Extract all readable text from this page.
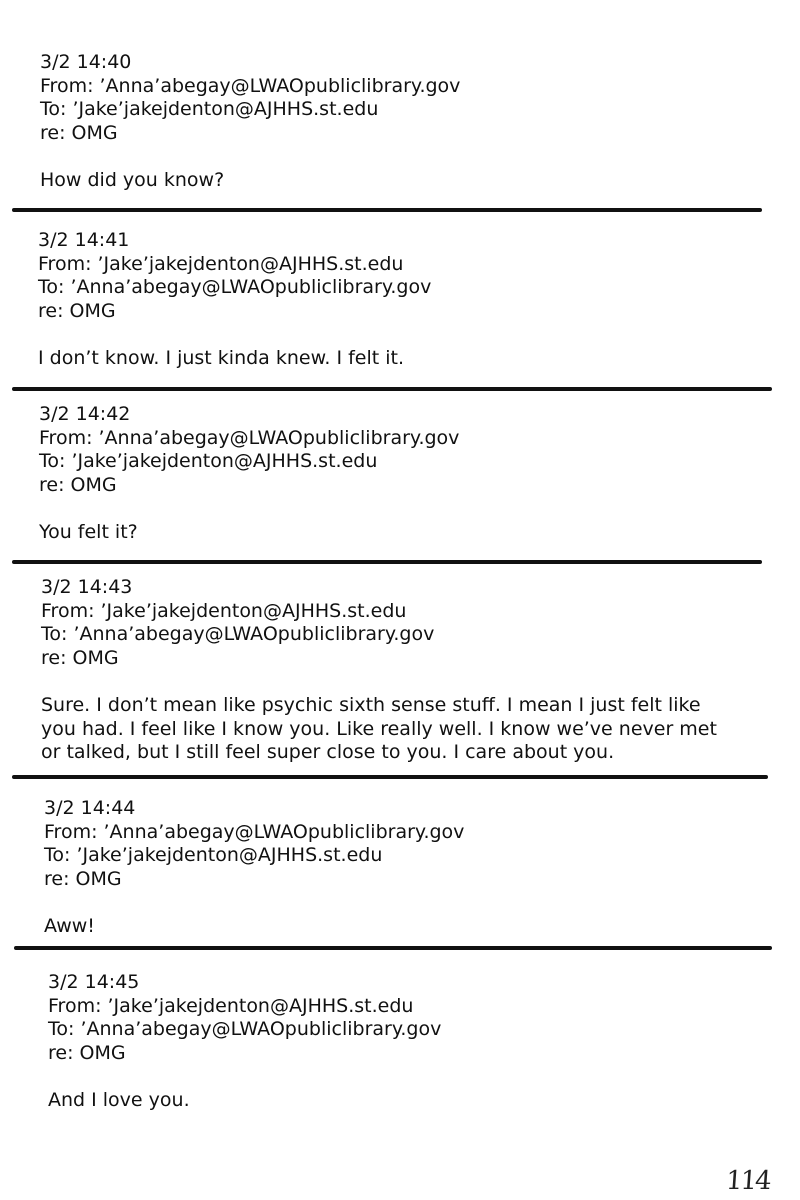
3/2 14:40
From: ’Anna’abegay@LWAOpubliclibrary.gov
To: ’Jake’jakejdenton@AJHHS.st.edu
re: OMG
How did you know?
3/2 14:41
From: ’Jake’jakejdenton@AJHHS.st.edu
To: ’Anna’abegay@LWAOpubliclibrary.gov
re: OMG
I don’t know. I just kinda knew. I felt it.
3/2 14:42
From: ’Anna’abegay@LWAOpubliclibrary.gov
To: ’Jake’jakejdenton@AJHHS.st.edu
re: OMG
You felt it?
3/2 14:43
From: ’Jake’jakejdenton@AJHHS.st.edu
To: ’Anna’abegay@LWAOpubliclibrary.gov
re: OMG
Sure. I don’t mean like psychic sixth sense stuff. I mean I just felt like you had. I feel like I know you. Like really well. I know we’ve never met or talked, but I still feel super close to you. I care about you.
3/2 14:44
From: ’Anna’abegay@LWAOpubliclibrary.gov
To: ’Jake’jakejdenton@AJHHS.st.edu
re: OMG
Aww!
3/2 14:45
From: ’Jake’jakejdenton@AJHHS.st.edu
To: ’Anna’abegay@LWAOpubliclibrary.gov
re: OMG
And I love you.
114
